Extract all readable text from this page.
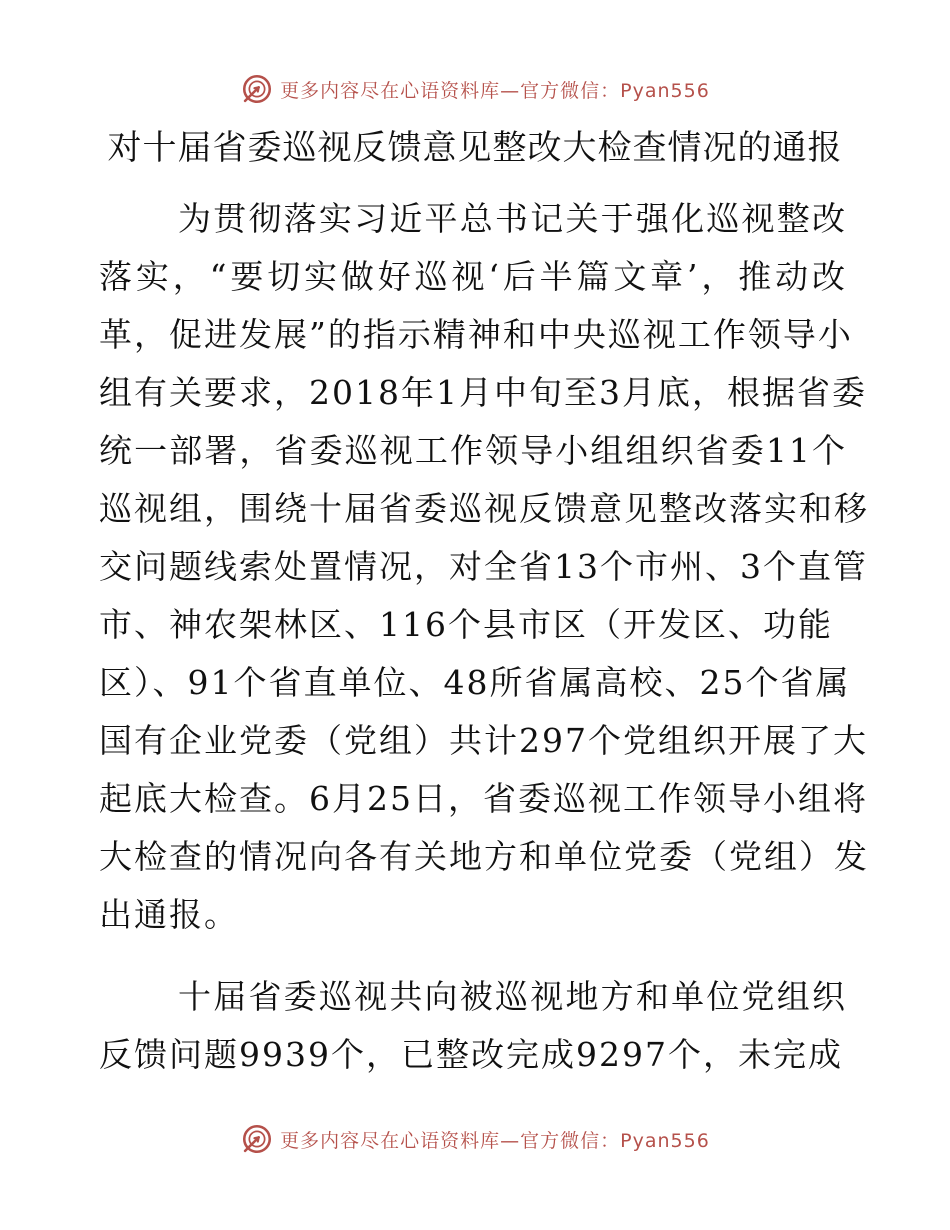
更多内容尽在心语资料库—官方微信：Pyan556
对十届省委巡视反馈意见整改大检查情况的通报
为贯彻落实习近平总书记关于强化巡视整改
落实，“要切实做好巡视‘后半篇文章’，推动改
革，促进发展”的指示精神和中央巡视工作领导小
组有关要求，2018年1月中旬至3月底，根据省委
统一部署，省委巡视工作领导小组组织省委11个
巡视组，围绕十届省委巡视反馈意见整改落实和移
交问题线索处置情况，对全省13个市州、3个直管
市、神农架林区、116个县市区（开发区、功能
区）、91个省直单位、48所省属高校、25个省属
国有企业党委（党组）共计297个党组织开展了大
起底大检查。6月25日，省委巡视工作领导小组将
大检查的情况向各有关地方和单位党委（党组）发
出通报。
十届省委巡视共向被巡视地方和单位党组织
反馈问题9939个，已整改完成9297个，未完成
更多内容尽在心语资料库—官方微信：Pyan556
